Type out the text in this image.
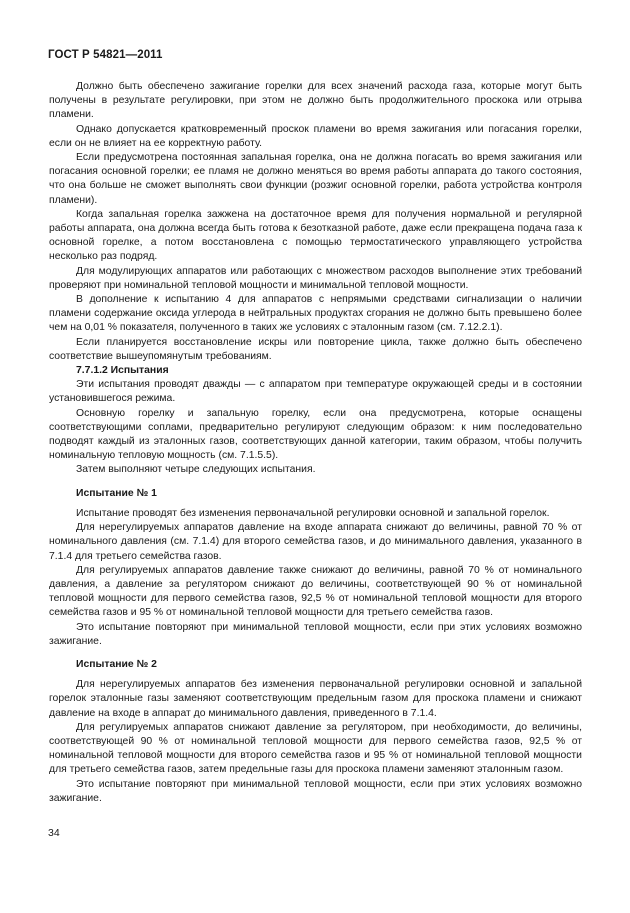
ГОСТ Р 54821—2011

Должно быть обеспечено зажигание горелки для всех значений расхода газа, которые могут быть получены в результате регулировки, при этом не должно быть продолжительного проскока или отрыва пламени.

Однако допускается кратковременный проскок пламени во время зажигания или погасания горелки, если он не влияет на ее корректную работу.

Если предусмотрена постоянная запальная горелка, она не должна погасать во время зажигания или погасания основной горелки; ее пламя не должно меняться во время работы аппарата до такого состояния, что она больше не сможет выполнять свои функции (розжиг основной горелки, работа устройства контроля пламени).

Когда запальная горелка зажжена на достаточное время для получения нормальной и регулярной работы аппарата, она должна всегда быть готова к безотказной работе, даже если прекращена подача газа к основной горелке, а потом восстановлена с помощью термостатического управляющего устройства несколько раз подряд.

Для модулирующих аппаратов или работающих с множеством расходов выполнение этих требований проверяют при номинальной тепловой мощности и минимальной тепловой мощности.

В дополнение к испытанию 4 для аппаратов с непрямыми средствами сигнализации о наличии пламени содержание оксида углерода в нейтральных продуктах сгорания не должно быть превышено более чем на 0,01 % показателя, полученного в таких же условиях с эталонным газом (см. 7.12.2.1).

Если планируется восстановление искры или повторение цикла, также должно быть обеспечено соответствие вышеупомянутым требованиям.

7.7.1.2 Испытания

Эти испытания проводят дважды — с аппаратом при температуре окружающей среды и в состоянии установившегося режима.

Основную горелку и запальную горелку, если она предусмотрена, которые оснащены соответствующими соплами, предварительно регулируют следующим образом: к ним последовательно подводят каждый из эталонных газов, соответствующих данной категории, таким образом, чтобы получить номинальную тепловую мощность (см. 7.1.5.5).

Затем выполняют четыре следующих испытания.

Испытание № 1

Испытание проводят без изменения первоначальной регулировки основной и запальной горелок.

Для нерегулируемых аппаратов давление на входе аппарата снижают до величины, равной 70 % от номинального давления (см. 7.1.4) для второго семейства газов, и до минимального давления, указанного в 7.1.4 для третьего семейства газов.

Для регулируемых аппаратов давление также снижают до величины, равной 70 % от номинального давления, а давление за регулятором снижают до величины, соответствующей 90 % от номинальной тепловой мощности для первого семейства газов, 92,5 % от номинальной тепловой мощности для второго семейства газов и 95 % от номинальной тепловой мощности для третьего семейства газов.

Это испытание повторяют при минимальной тепловой мощности, если при этих условиях возможно зажигание.

Испытание № 2

Для нерегулируемых аппаратов без изменения первоначальной регулировки основной и запальной горелок эталонные газы заменяют соответствующим предельным газом для проскока пламени и снижают давление на входе в аппарат до минимального давления, приведенного в 7.1.4.

Для регулируемых аппаратов снижают давление за регулятором, при необходимости, до величины, соответствующей 90 % от номинальной тепловой мощности для первого семейства газов, 92,5 % от номинальной тепловой мощности для второго семейства газов и 95 % от номинальной тепловой мощности для третьего семейства газов, затем предельные газы для проскока пламени заменяют эталонным газом.

Это испытание повторяют при минимальной тепловой мощности, если при этих условиях возможно зажигание.

34
